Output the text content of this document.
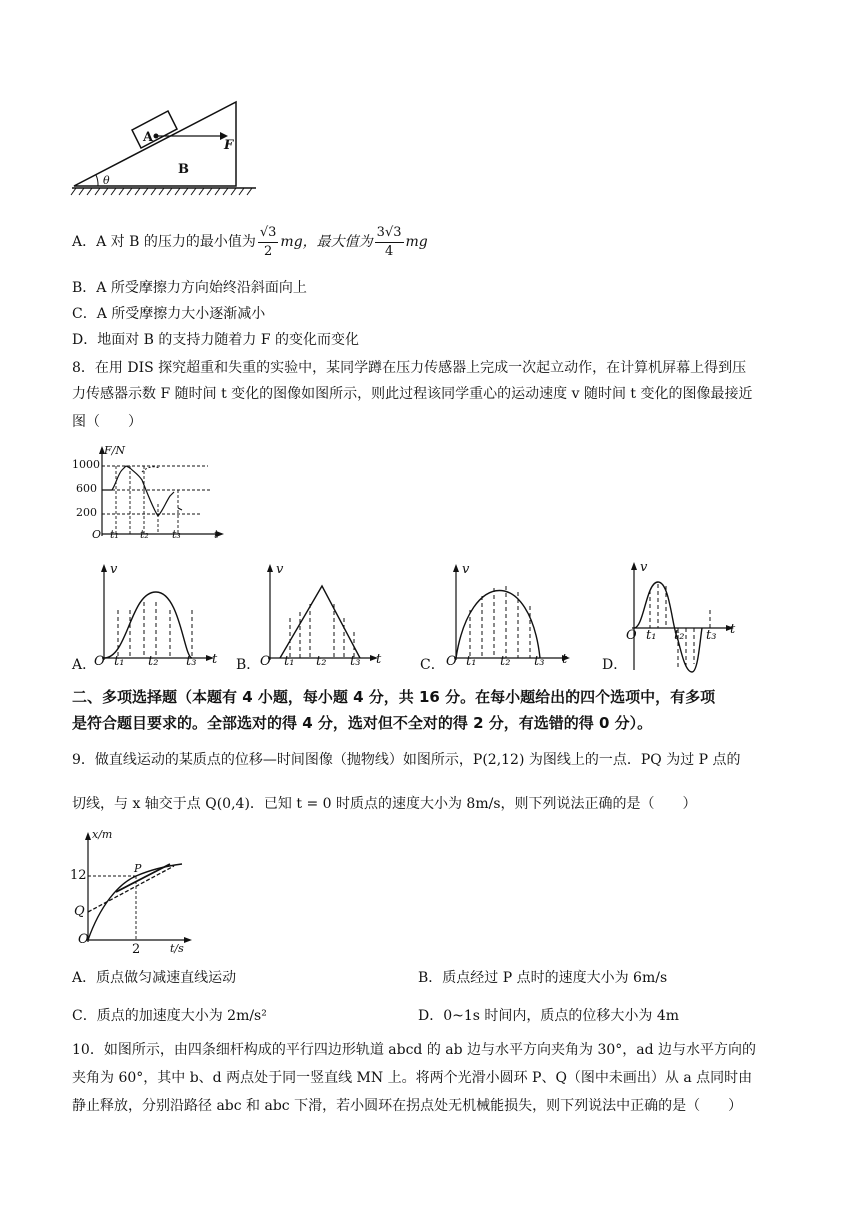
A
B
F
θ
A．A 对 B 的压力的最小值为 $\frac{√3}{2}$ mg，最大值为 $\frac{3√3}{4}$ mg
B．A 所受摩擦力方向始终沿斜面向上
C．A 所受摩擦力大小逐渐减小
D．地面对 B 的支持力随着力 F 的变化而变化
8．在用 DIS 探究超重和失重的实验中，某同学蹲在压力传感器上完成一次起立动作，在计算机屏幕上得到压
力传感器示数 F 随时间 t 变化的图像如图所示，则此过程该同学重心的运动速度 v 随时间 t 变化的图像最接近
图（　　）
F/N
1000
600
200
O t₁ t₂ t₃	t
v
O t₁ t₂ t₃ t
A．
v
O t₁ t₂ t₃ t
B．
v
O t₁ t₂ t₃ t
C．
v
O t₁ t₂ t₃ t
D．
二、多项选择题（本题有 4 小题，每小题 4 分，共 16 分。在每小题给出的四个选项中，有多项
是符合题目要求的。全部选对的得 4 分，选对但不全对的得 2 分，有选错的得 0 分）。
9．做直线运动的某质点的位移—时间图像（抛物线）如图所示，P(2,12) 为图线上的一点．PQ 为过 P 点的
切线，与 x 轴交于点 Q(0,4)．已知 t = 0 时质点的速度大小为 8m/s，则下列说法正确的是（　　）
x/m
12
Q
P
O
2	t/s
A．质点做匀减速直线运动	B．质点经过 P 点时的速度大小为 6m/s
C．质点的加速度大小为 2m/s²	D．0~1s 时间内，质点的位移大小为 4m
10．如图所示，由四条细杆构成的平行四边形轨道 abcd 的 ab 边与水平方向夹角为 30°，ad 边与水平方向的
夹角为 60°，其中 b、d 两点处于同一竖直线 MN 上。将两个光滑小圆环 P、Q（图中未画出）从 a 点同时由
静止释放，分别沿路径 abc 和 abc 下滑，若小圆环在拐点处无机械能损失，则下列说法中正确的是（　　）
